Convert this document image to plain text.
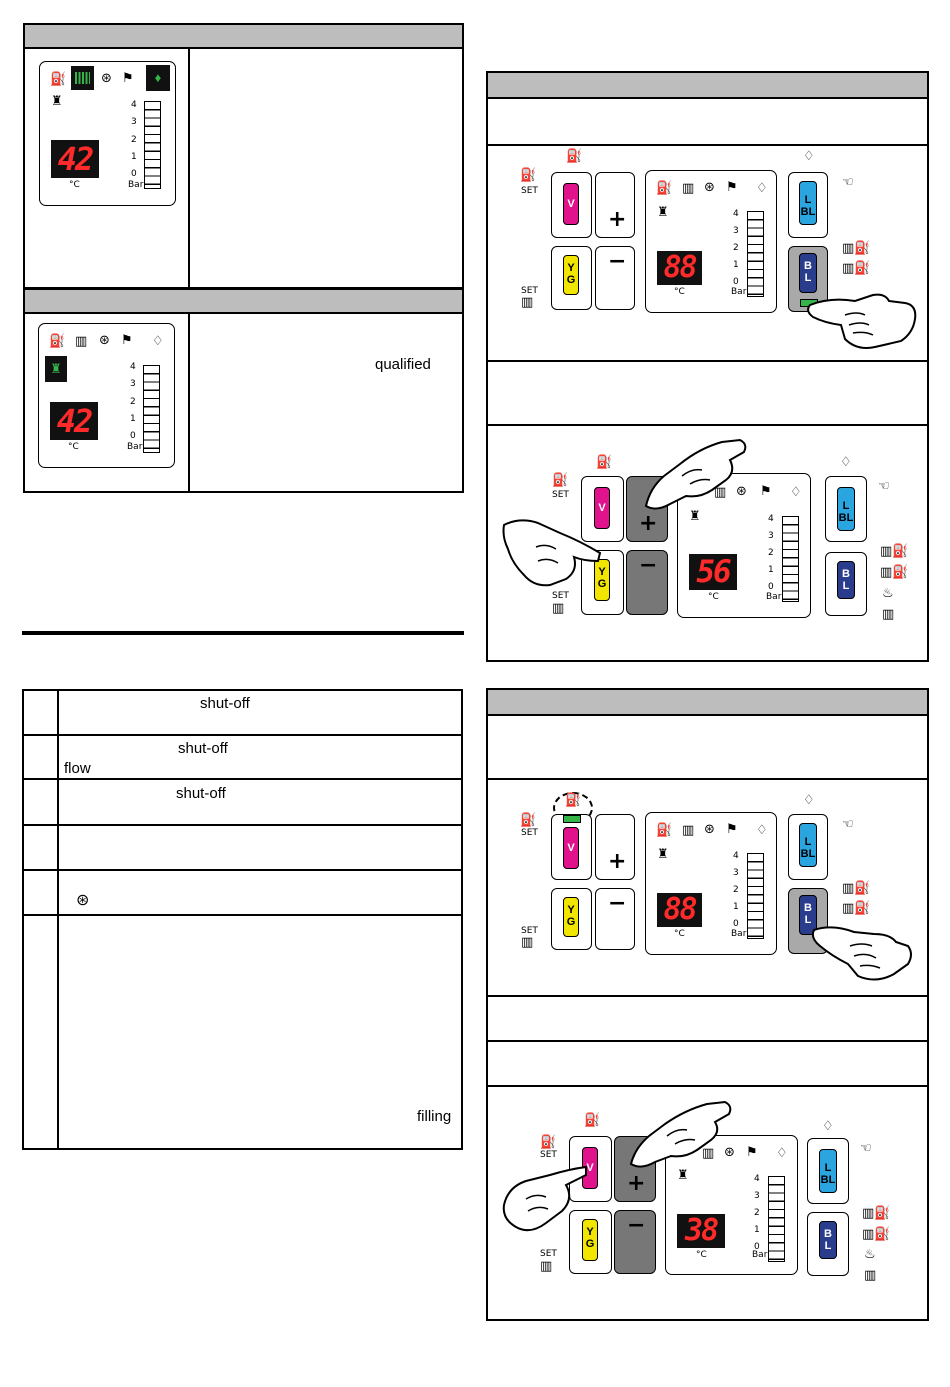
⛽	⊛ ⚑	♦
♜
42
°C	Bar
4
3
2
1
0
⛽ ▥ ⊛ ⚑ ♢
♜
42
°C	Bar
4
3
2
1
0
qualified
shut-off
shut-off
flow
shut-off
⊛
filling
⛽
⛽
SET
V
+
Y
G
−
SET
▥
⛽ ▥ ⊛ ⚑ ♢
♜
88
°C	Bar
4
3
2
1
0
♢
L
BL
☜
B
L
▥⛽
▥⛽
⛽
⛽
SET
V
+
Y
G
−
SET
▥
▥ ⊛ ⚑ ♢
♜
56
°C	Bar
4
3
2
1
0
♢
L
BL
☜
B
L
▥⛽
▥⛽
♨
▥
⛽
⛽
SET
V
+
Y
G
−
SET
▥
⛽ ▥ ⊛ ⚑ ♢
♜
88
°C	Bar
4
3
2
1
0
♢
L
BL
☜
B
L
▥⛽
▥⛽
⛽
⛽
SET
V
+
Y
G
−
SET
▥
▥ ⊛ ⚑ ♢
♜
38
°C	Bar
4
3
2
1
0
♢
L
BL
☜
B
L
▥⛽
▥⛽
♨
▥
